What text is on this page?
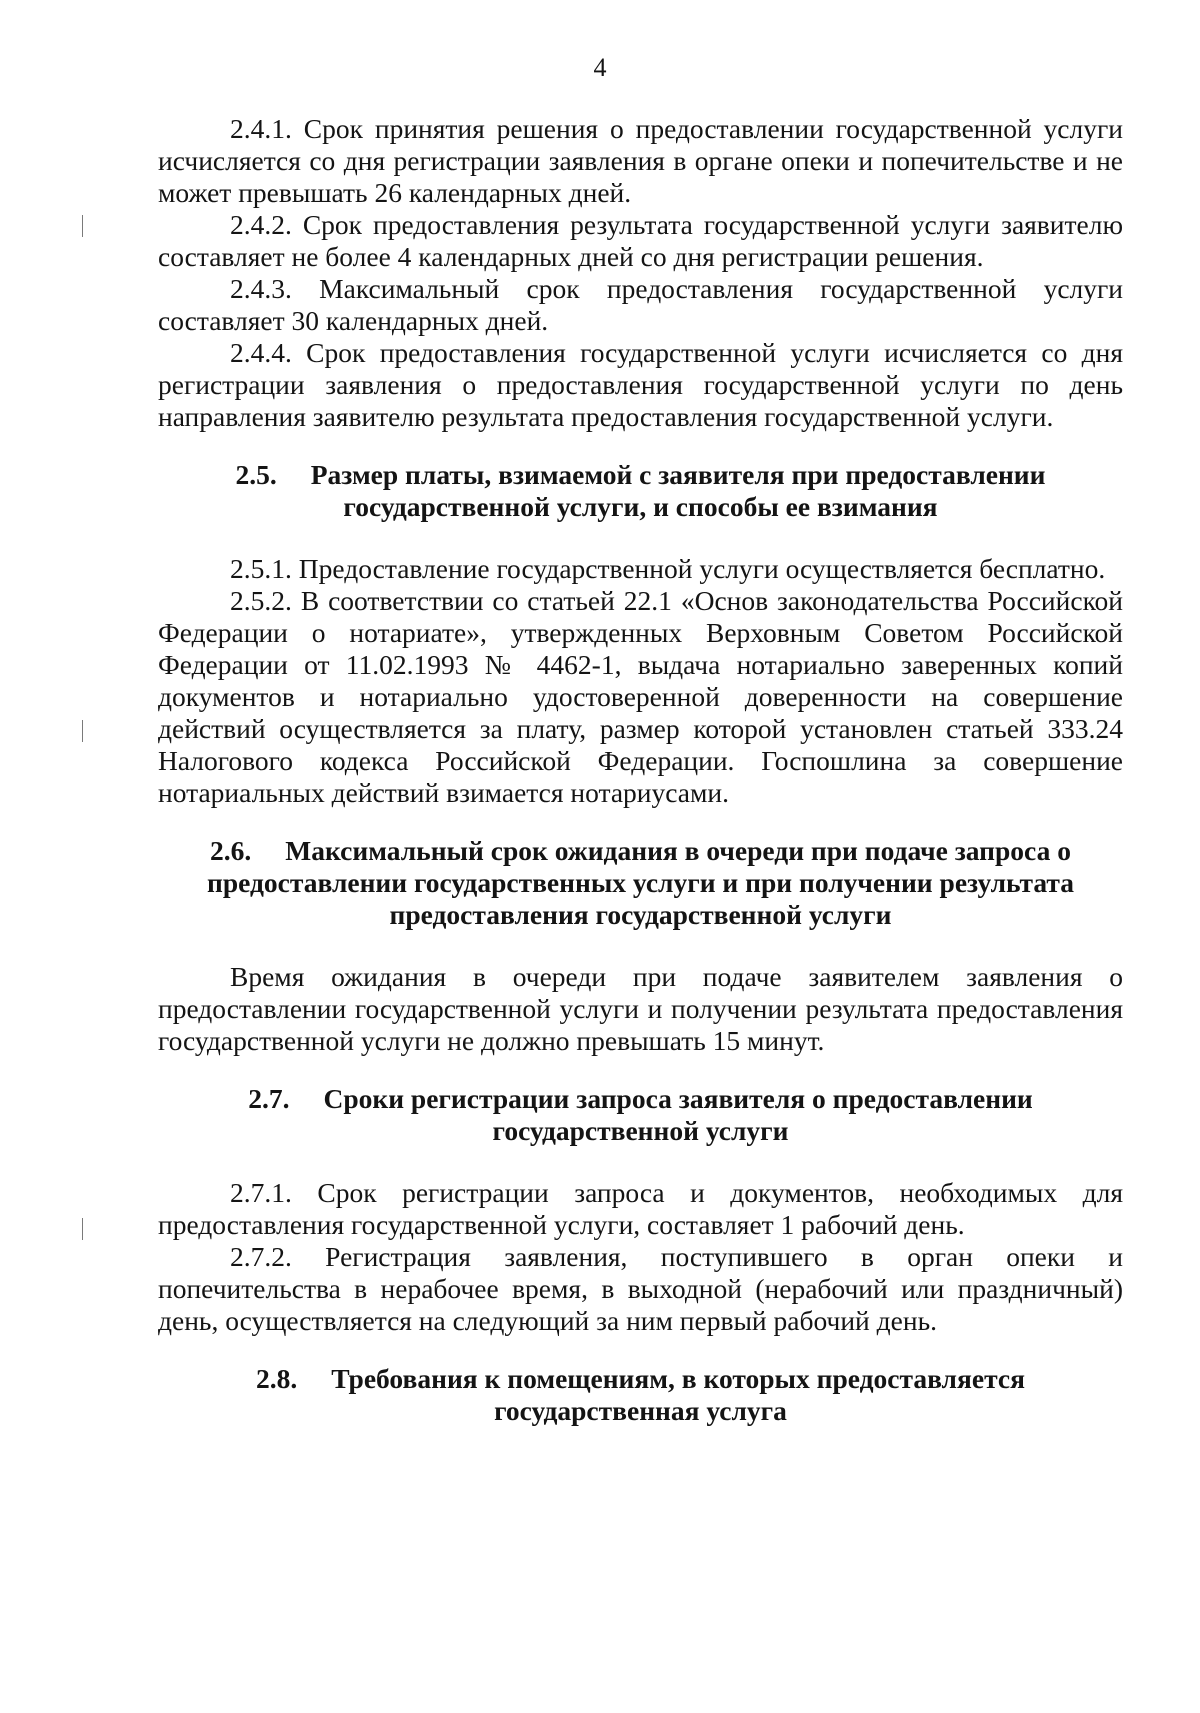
4

2.4.1. Срок принятия решения о предоставлении государственной услуги исчисляется со дня регистрации заявления в органе опеки и попечительстве и не может превышать 26 календарных дней.

2.4.2. Срок предоставления результата государственной услуги заявителю составляет не более 4 календарных дней со дня регистрации решения.

2.4.3. Максимальный срок предоставления государственной услуги составляет 30 календарных дней.

2.4.4. Срок предоставления государственной услуги исчисляется со дня регистрации заявления о предоставления государственной услуги по день направления заявителю результата предоставления государственной услуги.

2.5. Размер платы, взимаемой с заявителя при предоставлении государственной услуги, и способы ее взимания

2.5.1. Предоставление государственной услуги осуществляется бесплатно.

2.5.2. В соответствии со статьей 22.1 «Основ законодательства Российской Федерации о нотариате», утвержденных Верховным Советом Российской Федерации от 11.02.1993 № 4462-1, выдача нотариально заверенных копий документов и нотариально удостоверенной доверенности на совершение действий осуществляется за плату, размер которой установлен статьей 333.24 Налогового кодекса Российской Федерации. Госпошлина за совершение нотариальных действий взимается нотариусами.

2.6. Максимальный срок ожидания в очереди при подаче запроса о предоставлении государственных услуги и при получении результата предоставления государственной услуги

Время ожидания в очереди при подаче заявителем заявления о предоставлении государственной услуги и получении результата предоставления государственной услуги не должно превышать 15 минут.

2.7. Сроки регистрации запроса заявителя о предоставлении государственной услуги

2.7.1. Срок регистрации запроса и документов, необходимых для предоставления государственной услуги, составляет 1 рабочий день.

2.7.2. Регистрация заявления, поступившего в орган опеки и попечительства в нерабочее время, в выходной (нерабочий или праздничный) день, осуществляется на следующий за ним первый рабочий день.

2.8. Требования к помещениям, в которых предоставляется государственная услуга
